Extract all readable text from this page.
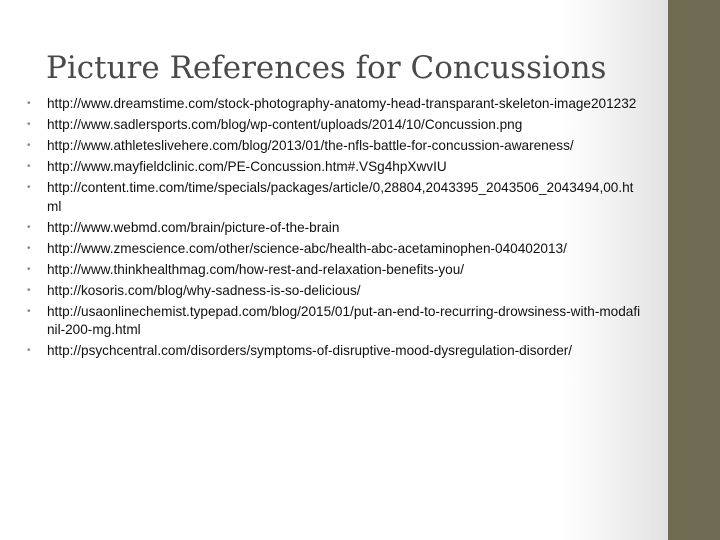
Picture References for Concussions
•	http://www.dreamstime.com/stock-photography-anatomy-head-transparant-skeleton-image201232
•	http://www.sadlersports.com/blog/wp-content/uploads/2014/10/Concussion.png
•	http://www.athleteslivehere.com/blog/2013/01/the-nfls-battle-for-concussion-awareness/
•	http://www.mayfieldclinic.com/PE-Concussion.htm#.VSg4hpXwvIU
•	http://content.time.com/time/specials/packages/article/0,28804,2043395_2043506_2043494,00.html
•	http://www.webmd.com/brain/picture-of-the-brain
•	http://www.zmescience.com/other/science-abc/health-abc-acetaminophen-040402013/
•	http://www.thinkhealthmag.com/how-rest-and-relaxation-benefits-you/
•	http://kosoris.com/blog/why-sadness-is-so-delicious/
•	http://usaonlinechemist.typepad.com/blog/2015/01/put-an-end-to-recurring-drowsiness-with-modafinil-200-mg.html
•	http://psychcentral.com/disorders/symptoms-of-disruptive-mood-dysregulation-disorder/
